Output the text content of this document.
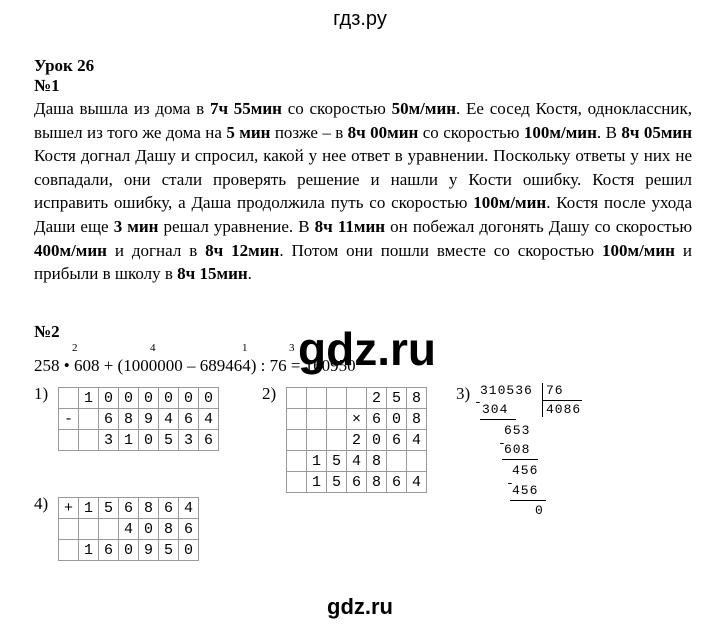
гдз.ру
Урок 26
№1
Даша вышла из дома в 7ч 55мин со скоростью 50м/мин. Ее сосед Костя, одноклассник, вышел из того же дома на 5 мин позже – в 8ч 00мин со скоростью 100м/мин. В 8ч 05мин Костя догнал Дашу и спросил, какой у нее ответ в уравнении. Поскольку ответы у них не совпадали, они стали проверять решение и нашли у Кости ошибку. Костя решил исправить ошибку, а Даша продолжила путь со скоростью 100м/мин. Костя после ухода Даши еще 3 мин решал уравнение. В 8ч 11мин он побежал догонять Дашу со скоростью 400м/мин и догнал в 8ч 12мин. Потом они пошли вместе со скоростью 100м/мин и прибыли в школу в 8ч 15мин.
№2
2	4	1	3
258 • 608 + (1000000 – 689464) : 76 = 160950
gdz.ru
1)
	1	0	0	0	0	0	0
-		6	8	9	4	6	4
		3	1	0	5	3	6
2)
					2	5	8
			×	6	0	8
			2	0	6	4
	1	5	4	8		
	1	5	6	8	6	4
3) 310536 76
4086
- 304
653
-
608
456
-
456
0
4) +	1	5	6	8	6	4
			4	0	8	6
	1	6	0	9	5	0
gdz.ru
